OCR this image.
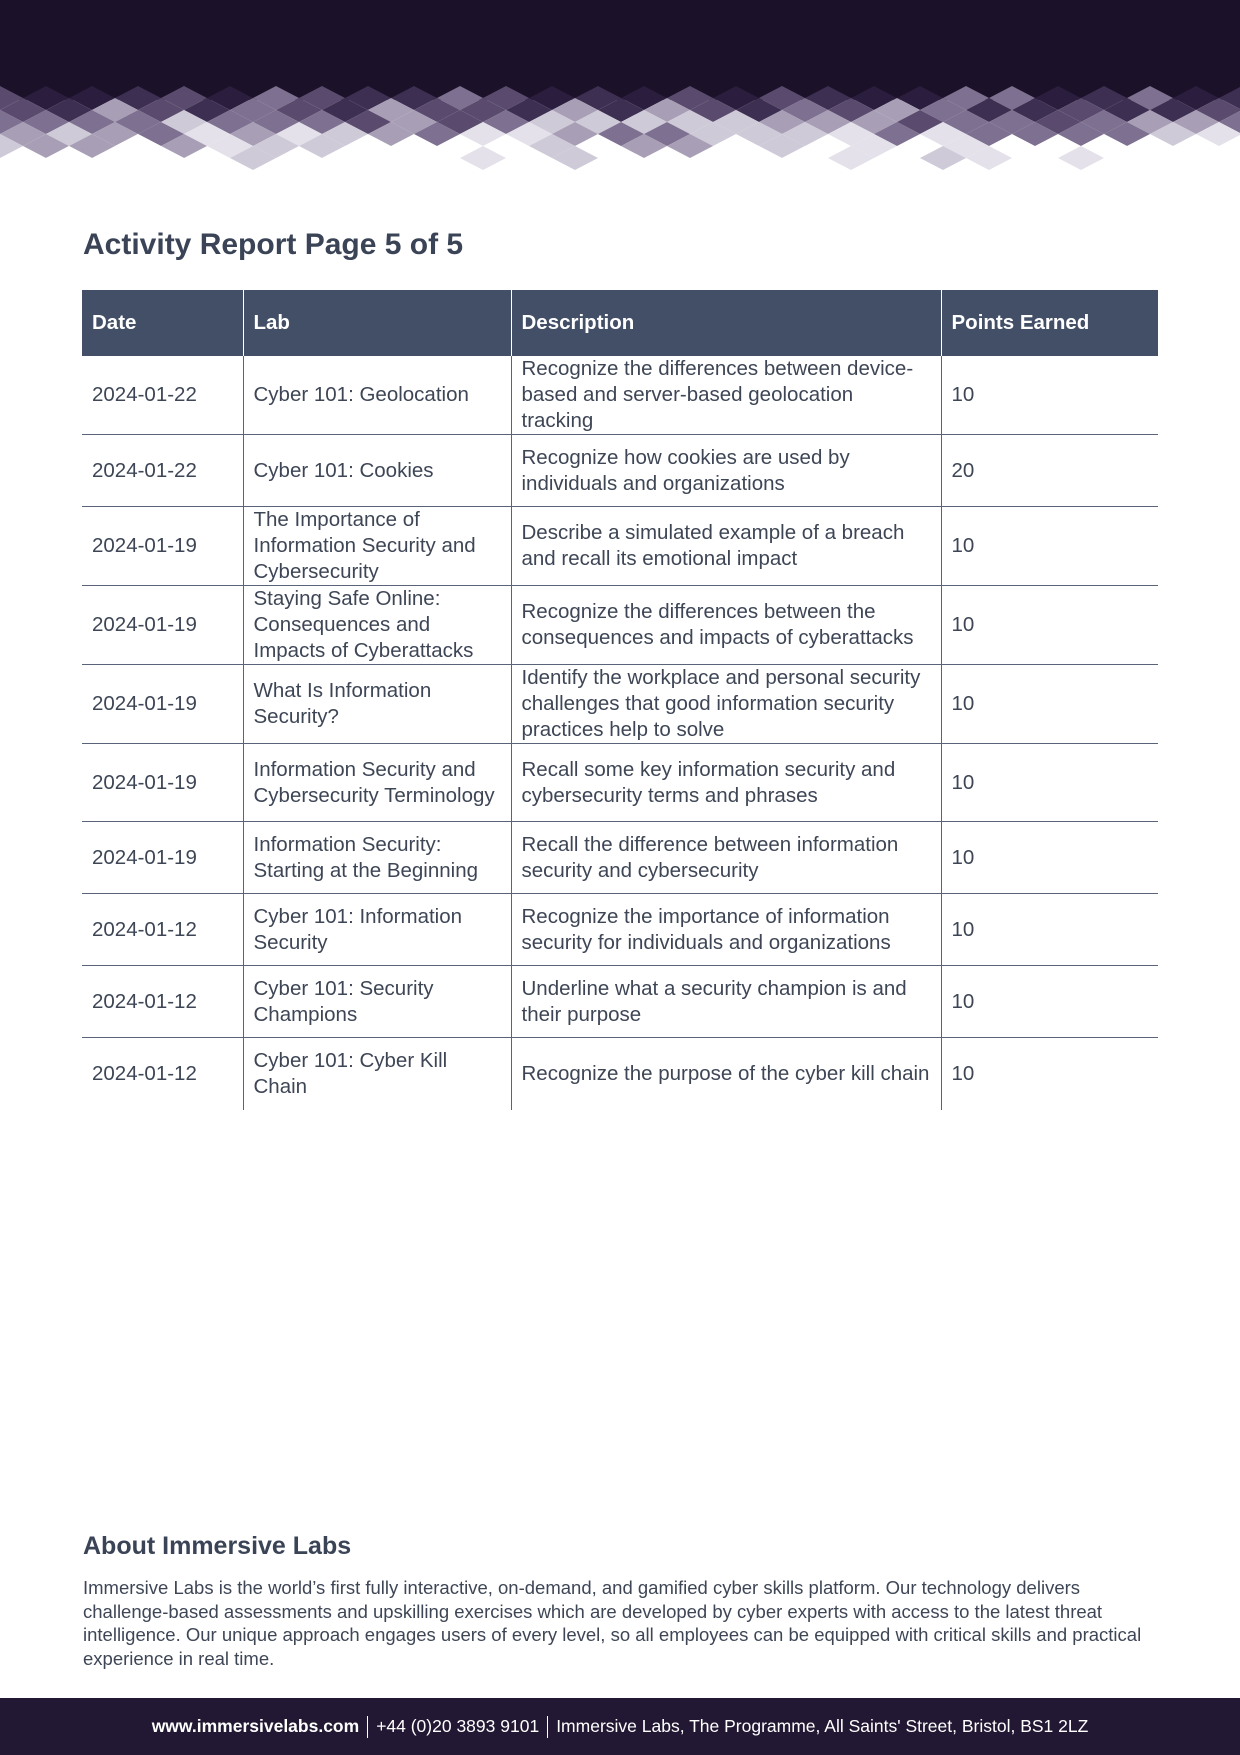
Activity Report Page 5 of 5
Date	Lab	Description	Points Earned
2024-01-22	Cyber 101: Geolocation	Recognize the differences between device-based and server-based geolocation tracking	10
2024-01-22	Cyber 101: Cookies	Recognize how cookies are used by individuals and organizations	20
2024-01-19	The Importance of Information Security and Cybersecurity	Describe a simulated example of a breach and recall its emotional impact	10
2024-01-19	Staying Safe Online: Consequences and Impacts of Cyberattacks	Recognize the differences between the consequences and impacts of cyberattacks	10
2024-01-19	What Is Information Security?	Identify the workplace and personal security challenges that good information security practices help to solve	10
2024-01-19	Information Security and Cybersecurity Terminology	Recall some key information security and cybersecurity terms and phrases	10
2024-01-19	Information Security: Starting at the Beginning	Recall the difference between information security and cybersecurity	10
2024-01-12	Cyber 101: Information Security	Recognize the importance of information security for individuals and organizations	10
2024-01-12	Cyber 101: Security Champions	Underline what a security champion is and their purpose	10
2024-01-12	Cyber 101: Cyber Kill Chain	Recognize the purpose of the cyber kill chain	10
About Immersive Labs

Immersive Labs is the world’s first fully interactive, on-demand, and gamified cyber skills platform. Our technology delivers challenge-based assessments and upskilling exercises which are developed by cyber experts with access to the latest threat intelligence. Our unique approach engages users of every level, so all employees can be equipped with critical skills and practical experience in real time.

www.immersivelabs.com +44 (0)20 3893 9101 Immersive Labs, The Programme, All Saints' Street, Bristol, BS1 2LZ
